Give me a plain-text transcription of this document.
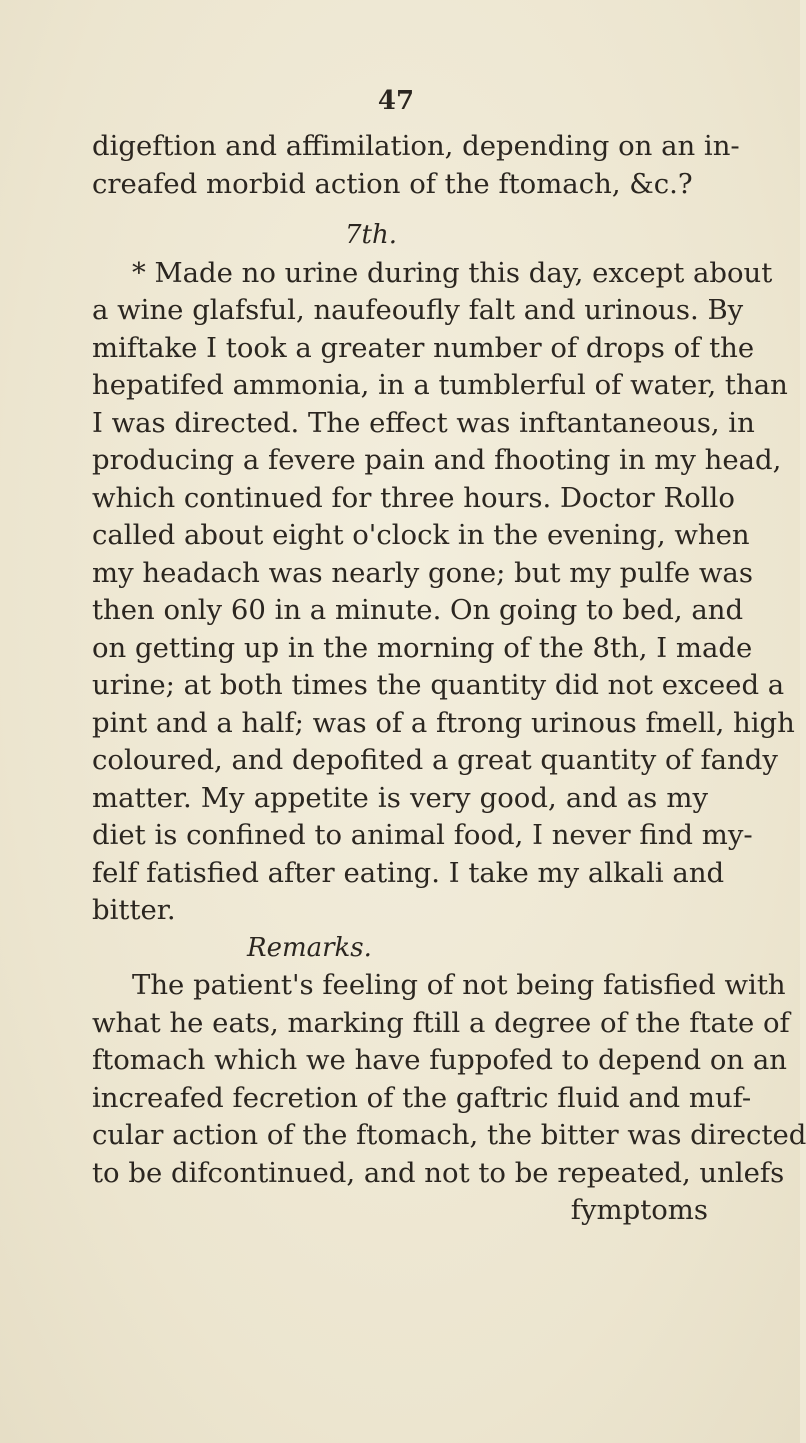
47
digeftion and affimilation, depending on an in-
creafed morbid action of the ftomach, &c.?
7th.
* Made no urine during this day, except about
a wine glafsful, naufeoufly falt and urinous. By
miftake I took a greater number of drops of the
hepatifed ammonia, in a tumblerful of water, than
I was directed. The effect was inftantaneous, in
producing a fevere pain and fhooting in my head,
which continued for three hours. Doctor Rollo
called about eight o'clock in the evening, when
my headach was nearly gone; but my pulfe was
then only 60 in a minute. On going to bed, and
on getting up in the morning of the 8th, I made
urine; at both times the quantity did not exceed a
pint and a half; was of a ftrong urinous fmell, high
coloured, and depofited a great quantity of fandy
matter. My appetite is very good, and as my
diet is confined to animal food, I never find my-
felf fatisfied after eating. I take my alkali and
bitter.
Remarks.
The patient's feeling of not being fatisfied with
what he eats, marking ftill a degree of the ftate of
ftomach which we have fuppofed to depend on an
increafed fecretion of the gaftric fluid and muf-
cular action of the ftomach, the bitter was directed
to be difcontinued, and not to be repeated, unlefs
fymptoms
